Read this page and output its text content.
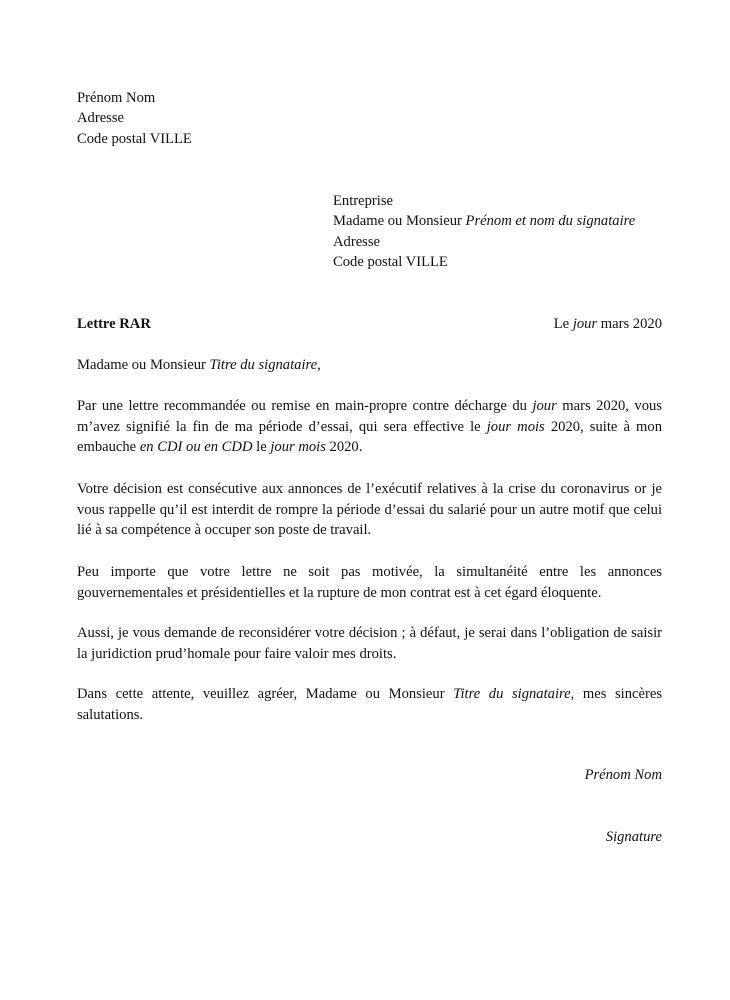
Prénom Nom
Adresse
Code postal VILLE
Entreprise
Madame ou Monsieur Prénom et nom du signataire
Adresse
Code postal VILLE
Lettre RAR	Le jour mars 2020
Madame ou Monsieur Titre du signataire,
Par une lettre recommandée ou remise en main-propre contre décharge du jour mars 2020, vous m’avez signifié la fin de ma période d’essai, qui sera effective le jour mois 2020, suite à mon embauche en CDI ou en CDD le jour mois 2020.
Votre décision est consécutive aux annonces de l’exécutif relatives à la crise du coronavirus or je vous rappelle qu’il est interdit de rompre la période d’essai du salarié pour un autre motif que celui lié à sa compétence à occuper son poste de travail.
Peu importe que votre lettre ne soit pas motivée, la simultanéité entre les annonces gouvernementales et présidentielles et la rupture de mon contrat est à cet égard éloquente.
Aussi, je vous demande de reconsidérer votre décision ; à défaut, je serai dans l’obligation de saisir la juridiction prud’homale pour faire valoir mes droits.
Dans cette attente, veuillez agréer, Madame ou Monsieur Titre du signataire, mes sincères salutations.
Prénom Nom
Signature
